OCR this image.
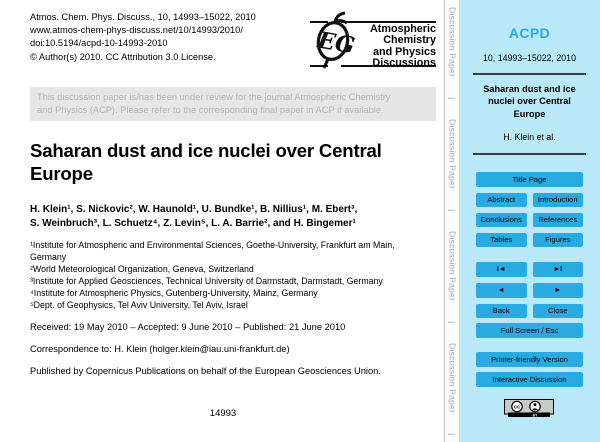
Atmos. Chem. Phys. Discuss., 10, 14993–15022, 2010
www.atmos-chem-phys-discuss.net/10/14993/2010/
doi:10.5194/acpd-10-14993-2010
© Author(s) 2010. CC Attribution 3.0 License.	EG Atmospheric
Chemistry
and Physics
Discussions
This discussion paper is/has been under review for the journal Atmospheric Chemistry
and Physics (ACP). Please refer to the corresponding final paper in ACP if available.
Saharan dust and ice nuclei over Central
Europe
H. Klein¹, S. Nickovic², W. Haunold¹, U. Bundke¹, B. Nillius¹, M. Ebert³,
S. Weinbruch³, L. Schuetz⁴, Z. Levin⁵, L. A. Barrie², and H. Bingemer¹
¹Institute for Atmospheric and Environmental Sciences, Goethe-University, Frankfurt am Main,
Germany
²World Meteorological Organization, Geneva, Switzerland
³Institute for Applied Geosciences, Technical University of Darmstadt, Darmstadt, Germany
⁴Institute for Atmospheric Physics, Gutenberg-University, Mainz, Germany
⁵Dept. of Geophysics, Tel Aviv University, Tel Aviv, Israel
Received: 19 May 2010 – Accepted: 9 June 2010 – Published: 21 June 2010
Correspondence to: H. Klein (holger.klein@iau.uni-frankfurt.de)
Published by Copernicus Publications on behalf of the European Geosciences Union.
14993
Discussion Paper
|
Discussion Paper
|
Discussion Paper
|
Discussion Paper
|
ACPD
10, 14993–15022, 2010
Saharan dust and ice
nuclei over Central
Europe
H. Klein et al.
Title Page
Abstract	Introduction
Conclusions	References
Tables	Figures
I◄	►I
◄	►
Back	Close
Full Screen / Esc
Printer-friendly Version
Interactive Discussion
cc
BY
